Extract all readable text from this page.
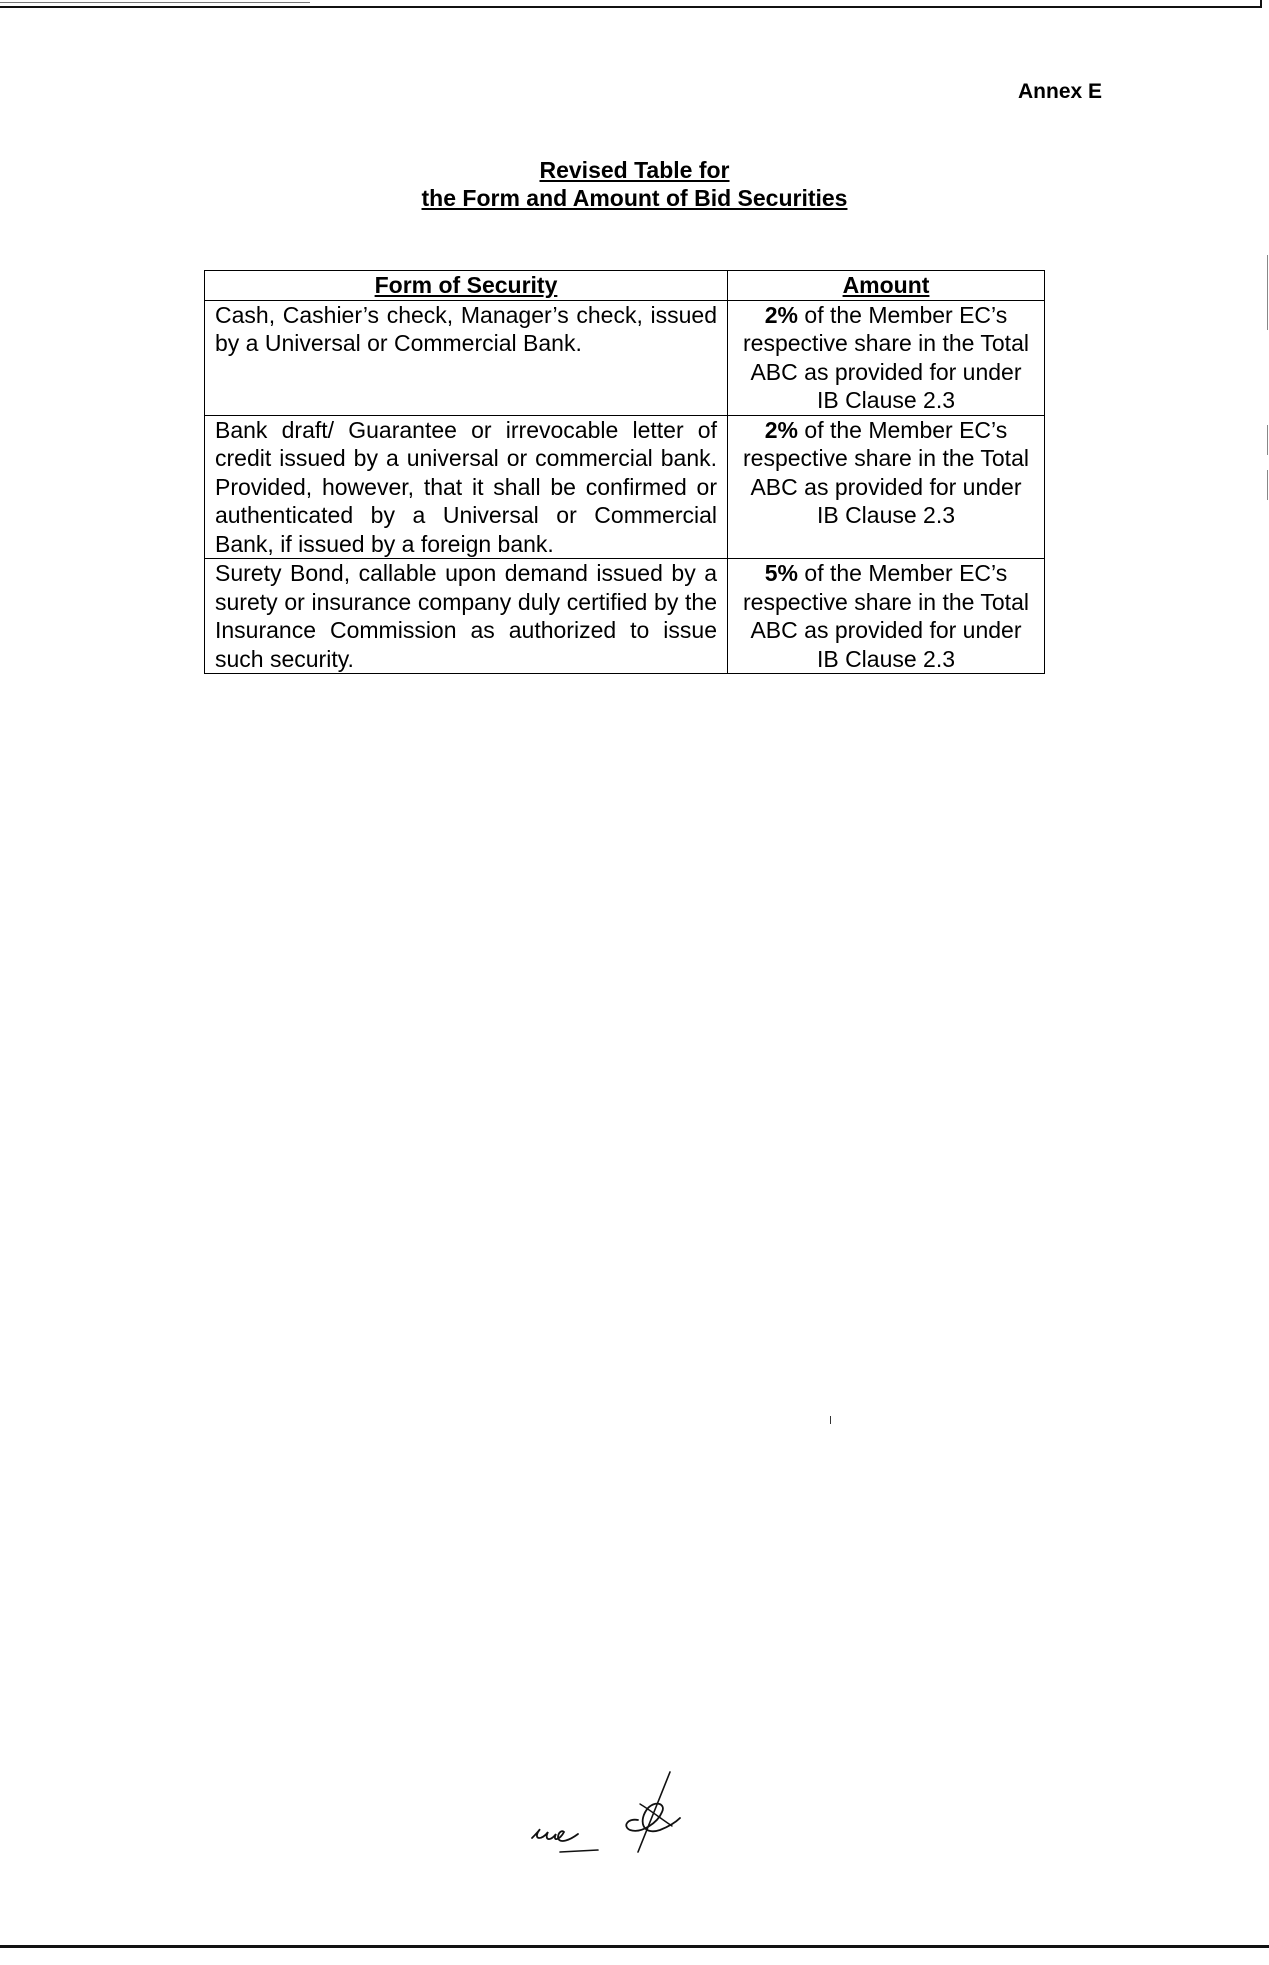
Annex E
Revised Table for
the Form and Amount of Bid Securities
Form of Security	Amount
Cash, Cashier’s check, Manager’s check, issued by a Universal or Commercial Bank.	2% of the Member EC’s respective share in the Total ABC as provided for under IB Clause 2.3
Bank draft/ Guarantee or irrevocable letter of credit issued by a universal or commercial bank. Provided, however, that it shall be confirmed or authenticated by a Universal or Commercial Bank, if issued by a foreign bank.	2% of the Member EC’s respective share in the Total ABC as provided for under IB Clause 2.3
Surety Bond, callable upon demand issued by a surety or insurance company duly certified by the Insurance Commission as authorized to issue such security.	5% of the Member EC’s respective share in the Total ABC as provided for under IB Clause 2.3
